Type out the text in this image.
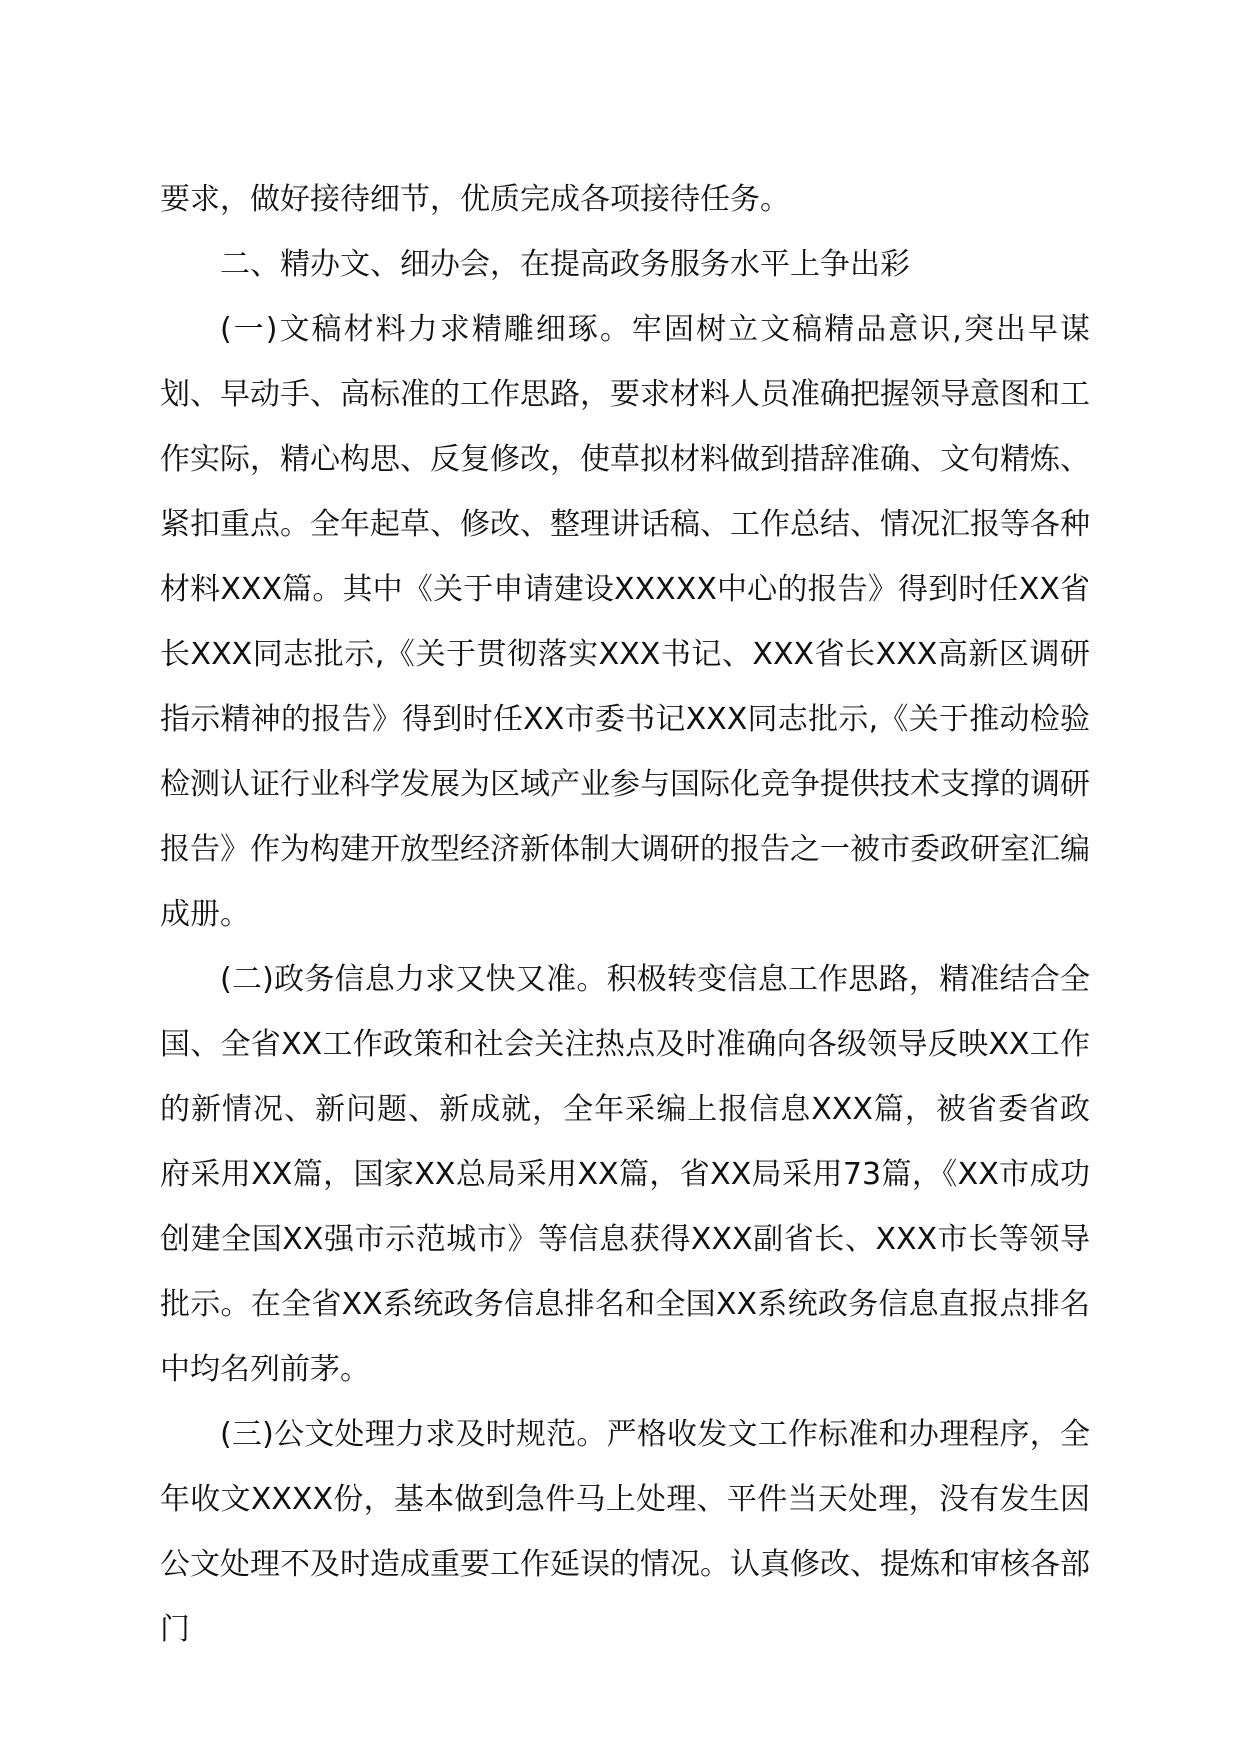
要求，做好接待细节，优质完成各项接待任务。

二、精办文、细办会，在提高政务服务水平上争出彩

(一)文稿材料力求精雕细琢。牢固树立文稿精品意识,突出早谋划、早动手、高标准的工作思路，要求材料人员准确把握领导意图和工作实际，精心构思、反复修改，使草拟材料做到措辞准确、文句精炼、紧扣重点。全年起草、修改、整理讲话稿、工作总结、情况汇报等各种材料XXX篇。其中《关于申请建设XXXXX中心的报告》得到时任XX省长XXX同志批示,《关于贯彻落实XXX书记、XXX省长XXX高新区调研指示精神的报告》得到时任XX市委书记XXX同志批示,《关于推动检验检测认证行业科学发展为区域产业参与国际化竞争提供技术支撑的调研报告》作为构建开放型经济新体制大调研的报告之一被市委政研室汇编成册。

(二)政务信息力求又快又准。积极转变信息工作思路，精准结合全国、全省XX工作政策和社会关注热点及时准确向各级领导反映XX工作的新情况、新问题、新成就，全年采编上报信息XXX篇，被省委省政府采用XX篇，国家XX总局采用XX篇，省XX局采用73篇，《XX市成功创建全国XX强市示范城市》等信息获得XXX副省长、XXX市长等领导批示。在全省XX系统政务信息排名和全国XX系统政务信息直报点排名中均名列前茅。

(三)公文处理力求及时规范。严格收发文工作标准和办理程序，全年收文XXXX份，基本做到急件马上处理、平件当天处理，没有发生因公文处理不及时造成重要工作延误的情况。认真修改、提炼和审核各部门
